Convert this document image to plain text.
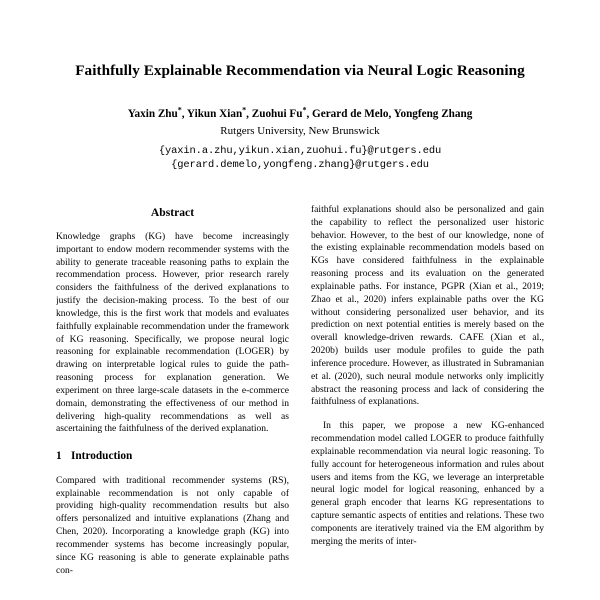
Faithfully Explainable Recommendation via Neural Logic Reasoning

Yaxin Zhu*, Yikun Xian*, Zuohui Fu*, Gerard de Melo, Yongfeng Zhang

Rutgers University, New Brunswick

{yaxin.a.zhu,yikun.xian,zuohui.fu}@rutgers.edu
{gerard.demelo,yongfeng.zhang}@rutgers.edu

Abstract

Knowledge graphs (KG) have become increasingly important to endow modern recommender systems with the ability to generate traceable reasoning paths to explain the recommendation process. However, prior research rarely considers the faithfulness of the derived explanations to justify the decision-making process. To the best of our knowledge, this is the first work that models and evaluates faithfully explainable recommendation under the framework of KG reasoning. Specifically, we propose neural logic reasoning for explainable recommendation (LOGER) by drawing on interpretable logical rules to guide the path-reasoning process for explanation generation. We experiment on three large-scale datasets in the e-commerce domain, demonstrating the effectiveness of our method in delivering high-quality recommendations as well as ascertaining the faithfulness of the derived explanation.

1 Introduction

Compared with traditional recommender systems (RS), explainable recommendation is not only capable of providing high-quality recommendation results but also offers personalized and intuitive explanations (Zhang and Chen, 2020). Incorporating a knowledge graph (KG) into recommender systems has become increasingly popular, since KG reasoning is able to generate explainable paths con-

faithful explanations should also be personalized and gain the capability to reflect the personalized user historic behavior. However, to the best of our knowledge, none of the existing explainable recommendation models based on KGs have considered faithfulness in the explainable reasoning process and its evaluation on the generated explainable paths. For instance, PGPR (Xian et al., 2019; Zhao et al., 2020) infers explainable paths over the KG without considering personalized user behavior, and its prediction on next potential entities is merely based on the overall knowledge-driven rewards. CAFE (Xian et al., 2020b) builds user module profiles to guide the path inference procedure. However, as illustrated in Subramanian et al. (2020), such neural module networks only implicitly abstract the reasoning process and lack of considering the faithfulness of explanations.

In this paper, we propose a new KG-enhanced recommendation model called LOGER to produce faithfully explainable recommendation via neural logic reasoning. To fully account for heterogeneous information and rules about users and items from the KG, we leverage an interpretable neural logic model for logical reasoning, enhanced by a general graph encoder that learns KG representations to capture semantic aspects of entities and relations. These two components are iteratively trained via the EM algorithm by merging the merits of inter-
